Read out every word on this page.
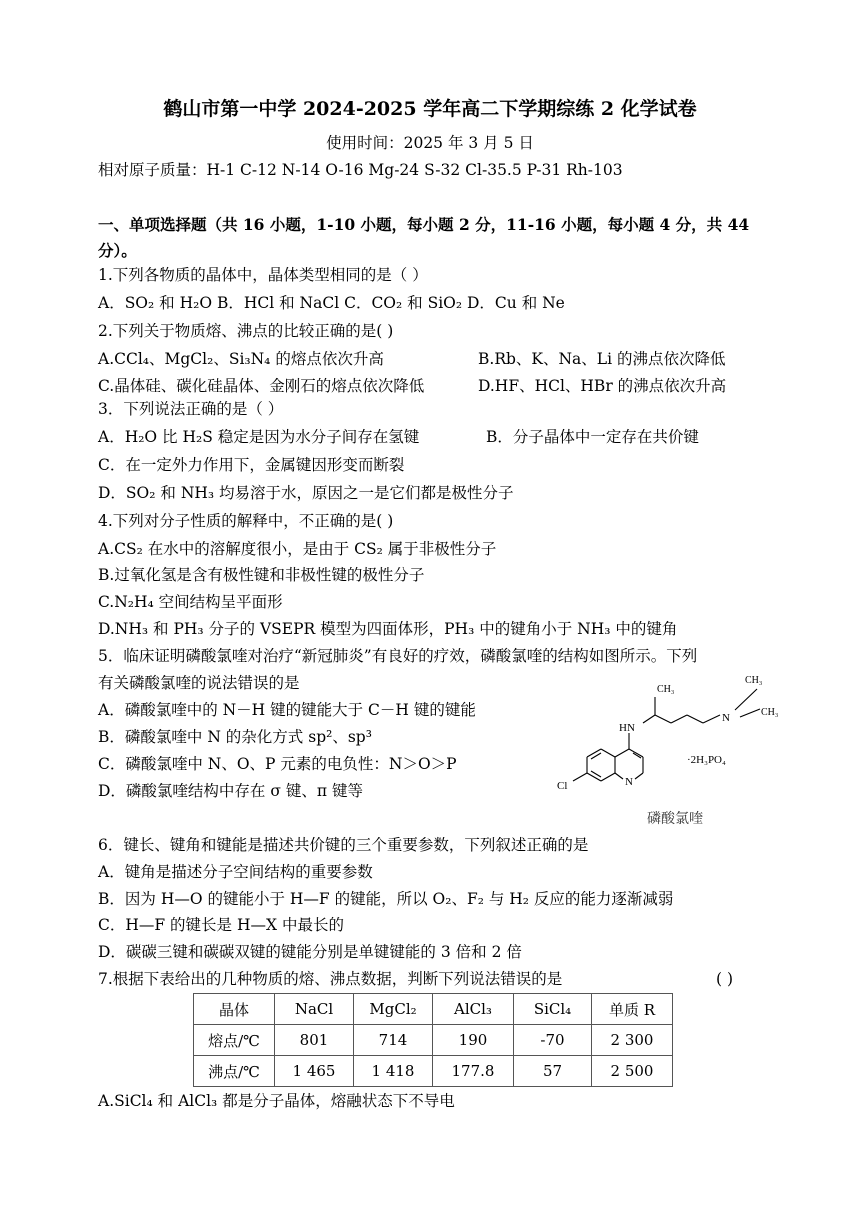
鹤山市第一中学 2024-2025 学年高二下学期综练 2 化学试卷
使用时间：2025 年 3 月 5 日
相对原子质量：H-1 C-12 N-14 O-16 Mg-24 S-32 Cl-35.5 P-31 Rh-103
一、单项选择题（共 16 小题，1-10 小题，每小题 2 分，11-16 小题，每小题 4 分，共 44
分）。
1.下列各物质的晶体中，晶体类型相同的是（ ）
A．SO₂ 和 H₂O B．HCl 和 NaCl C．CO₂ 和 SiO₂ D．Cu 和 Ne
2.下列关于物质熔、沸点的比较正确的是( )
A.CCl₄、MgCl₂、Si₃N₄ 的熔点依次升高	B.Rb、K、Na、Li 的沸点依次降低
C.晶体硅、碳化硅晶体、金刚石的熔点依次降低	D.HF、HCl、HBr 的沸点依次升高
3．下列说法正确的是（ ）
A．H₂O 比 H₂S 稳定是因为水分子间存在氢键	B．分子晶体中一定存在共价键
C．在一定外力作用下，金属键因形变而断裂
D．SO₂ 和 NH₃ 均易溶于水，原因之一是它们都是极性分子
4.下列对分子性质的解释中，不正确的是( )
A.CS₂ 在水中的溶解度很小，是由于 CS₂ 属于非极性分子
B.过氧化氢是含有极性键和非极性键的极性分子
C.N₂H₄ 空间结构呈平面形
D.NH₃ 和 PH₃ 分子的 VSEPR 模型为四面体形，PH₃ 中的键角小于 NH₃ 中的键角
5．临床证明磷酸氯喹对治疗“新冠肺炎”有良好的疗效，磷酸氯喹的结构如图所示。下列
有关磷酸氯喹的说法错误的是
A．磷酸氯喹中的 N－H 键的键能大于 C－H 键的键能
B．磷酸氯喹中 N 的杂化方式 sp²、sp³
C．磷酸氯喹中 N、O、P 元素的电负性：N＞O＞P
D．磷酸氯喹结构中存在 σ 键、π 键等
CH₃
CH₃
CH₃
HN
N
N
Cl
·2H₃PO₄
磷酸氯喹
6．键长、键角和键能是描述共价键的三个重要参数，下列叙述正确的是
A．键角是描述分子空间结构的重要参数
B．因为 H—O 的键能小于 H—F 的键能，所以 O₂、F₂ 与 H₂ 反应的能力逐渐减弱
C．H—F 的键长是 H—X 中最长的
D．碳碳三键和碳碳双键的键能分别是单键键能的 3 倍和 2 倍
7.根据下表给出的几种物质的熔、沸点数据，判断下列说法错误的是	( )
晶体	NaCl	MgCl₂	AlCl₃	SiCl₄	单质 R
熔点/℃	801	714	190	-70	2 300
沸点/℃	1 465	1 418	177.8	57	2 500
A.SiCl₄ 和 AlCl₃ 都是分子晶体，熔融状态下不导电
